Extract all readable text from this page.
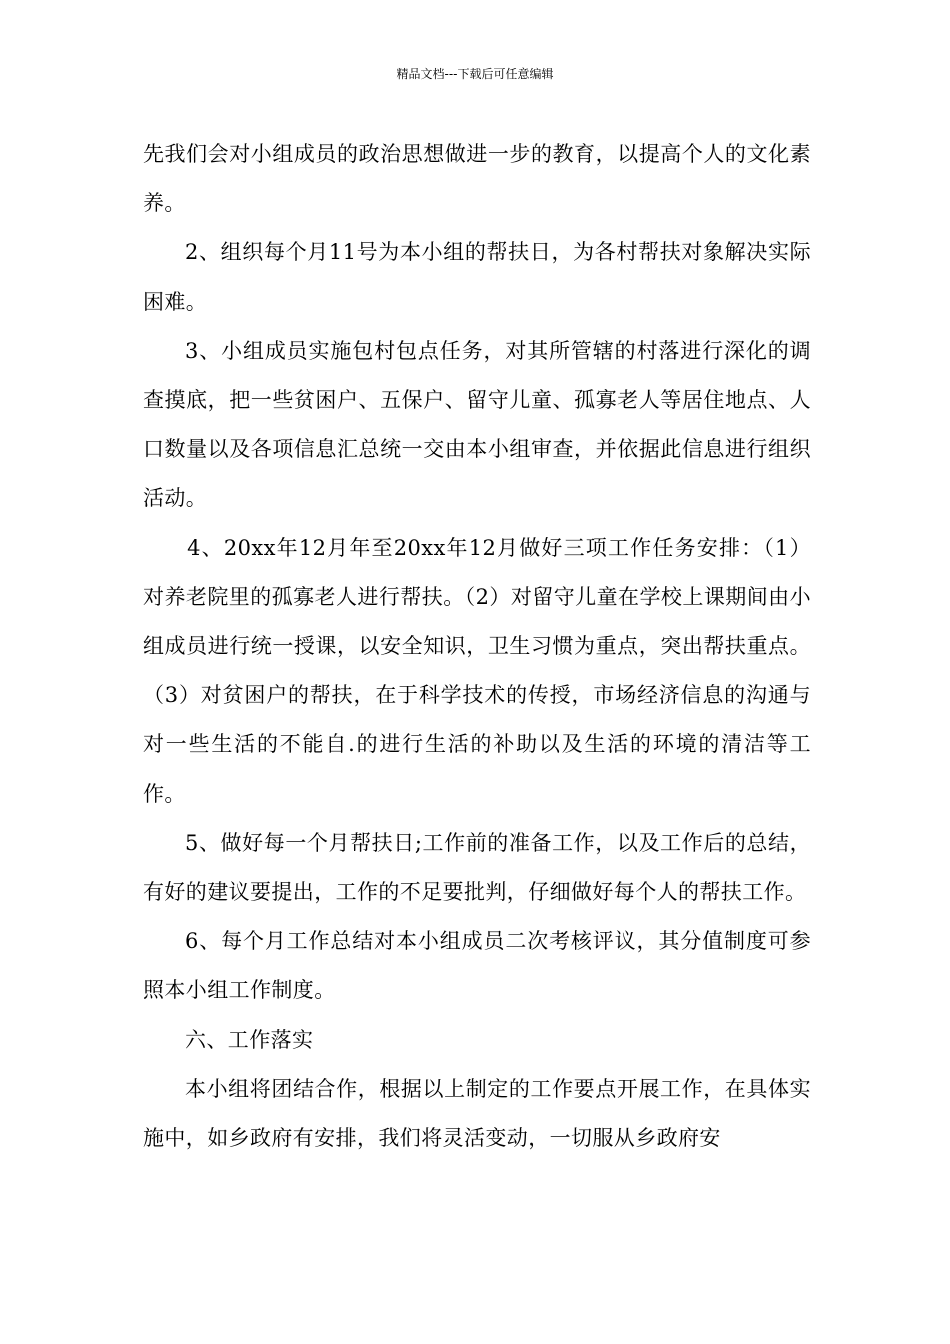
精品文档---下载后可任意编辑

先我们会对小组成员的政治思想做进一步的教育，以提高个人的文化素养。

2、组织每个月11号为本小组的帮扶日，为各村帮扶对象解决实际困难。

3、小组成员实施包村包点任务，对其所管辖的村落进行深化的调查摸底，把一些贫困户、五保户、留守儿童、孤寡老人等居住地点、人口数量以及各项信息汇总统一交由本小组审查，并依据此信息进行组织活动。

4、20xx年12月年至20xx年12月做好三项工作任务安排：（1）对养老院里的孤寡老人进行帮扶。（2）对留守儿童在学校上课期间由小组成员进行统一授课，以安全知识，卫生习惯为重点，突出帮扶重点。（3）对贫困户的帮扶，在于科学技术的传授，市场经济信息的沟通与对一些生活的不能自.的进行生活的补助以及生活的环境的清洁等工作。

5、做好每一个月帮扶日;工作前的准备工作，以及工作后的总结，有好的建议要提出，工作的不足要批判，仔细做好每个人的帮扶工作。

6、每个月工作总结对本小组成员二次考核评议，其分值制度可参照本小组工作制度。

六、工作落实

本小组将团结合作，根据以上制定的工作要点开展工作，在具体实施中，如乡政府有安排，我们将灵活变动，一切服从乡政府安
